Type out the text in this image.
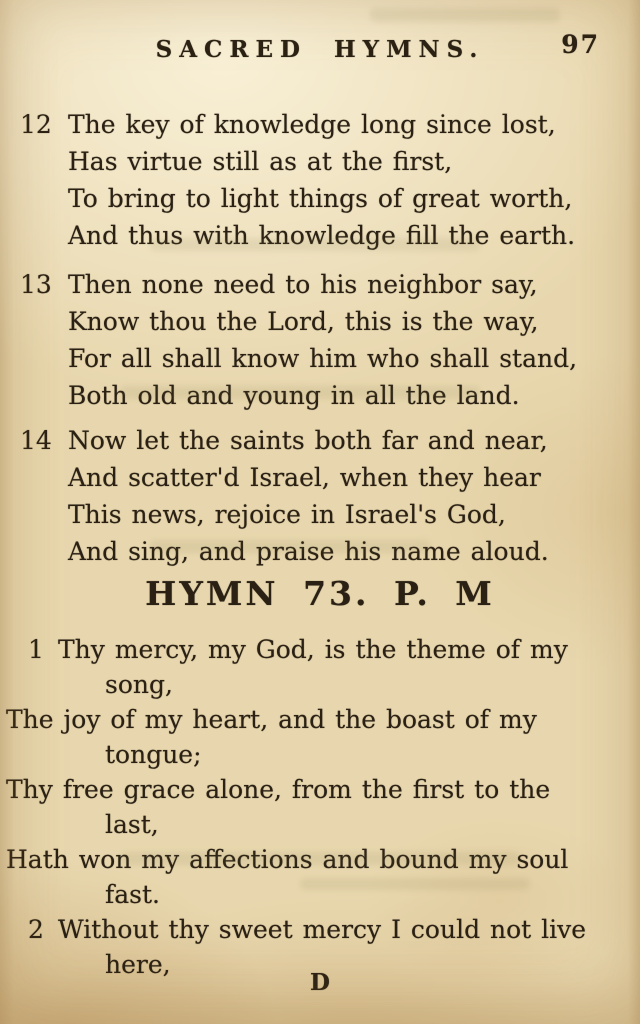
SACRED HYMNS.	97
12 The key of knowledge long since lost,
Has virtue still as at the first,
To bring to light things of great worth,
And thus with knowledge fill the earth.
13 Then none need to his neighbor say,
Know thou the Lord, this is the way,
For all shall know him who shall stand,
Both old and young in all the land.
14 Now let the saints both far and near,
And scatter'd Israel, when they hear
This news, rejoice in Israel's God,
And sing, and praise his name aloud.
HYMN 73. P. M
1 Thy mercy, my God, is the theme of my
song,
The joy of my heart, and the boast of my
tongue;
Thy free grace alone, from the first to the
last,
Hath won my affections and bound my soul
fast.
2 Without thy sweet mercy I could not live
here,
D
